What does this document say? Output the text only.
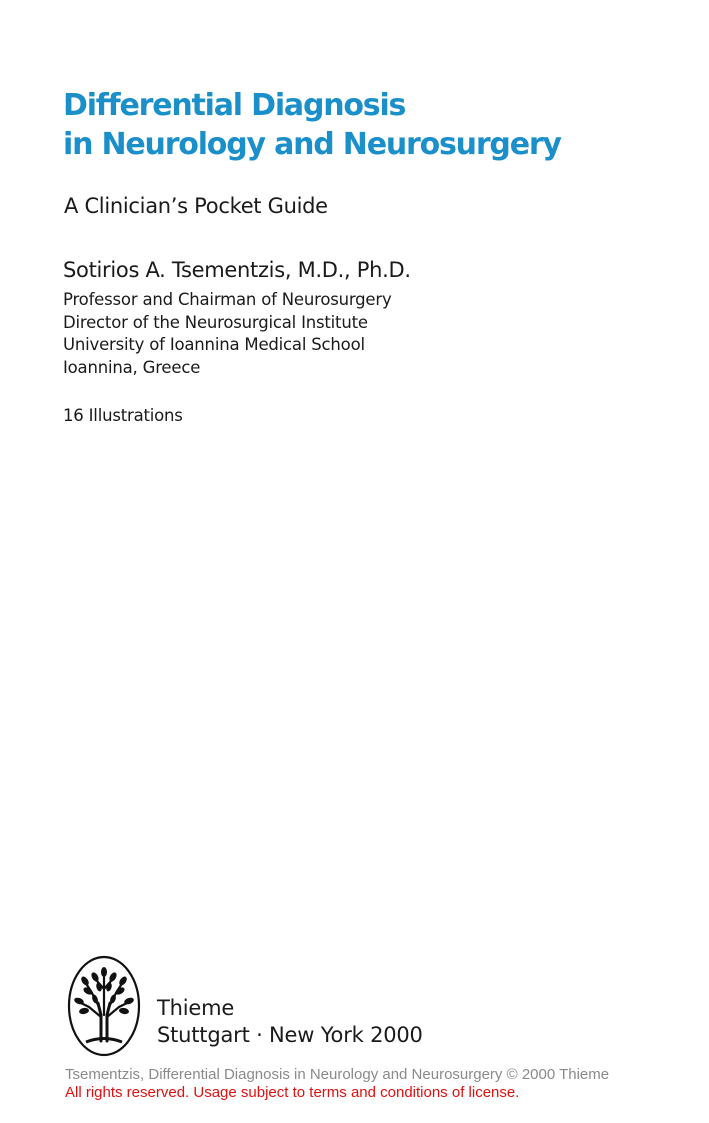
Differential Diagnosis
in Neurology and Neurosurgery
A Clinician’s Pocket Guide
Sotirios A. Tsementzis, M.D., Ph.D.
Professor and Chairman of Neurosurgery
Director of the Neurosurgical Institute
University of Ioannina Medical School
Ioannina, Greece
16 Illustrations
Thieme
Stuttgart · New York 2000
Tsementzis, Differential Diagnosis in Neurology and Neurosurgery © 2000 Thieme
All rights reserved. Usage subject to terms and conditions of license.
